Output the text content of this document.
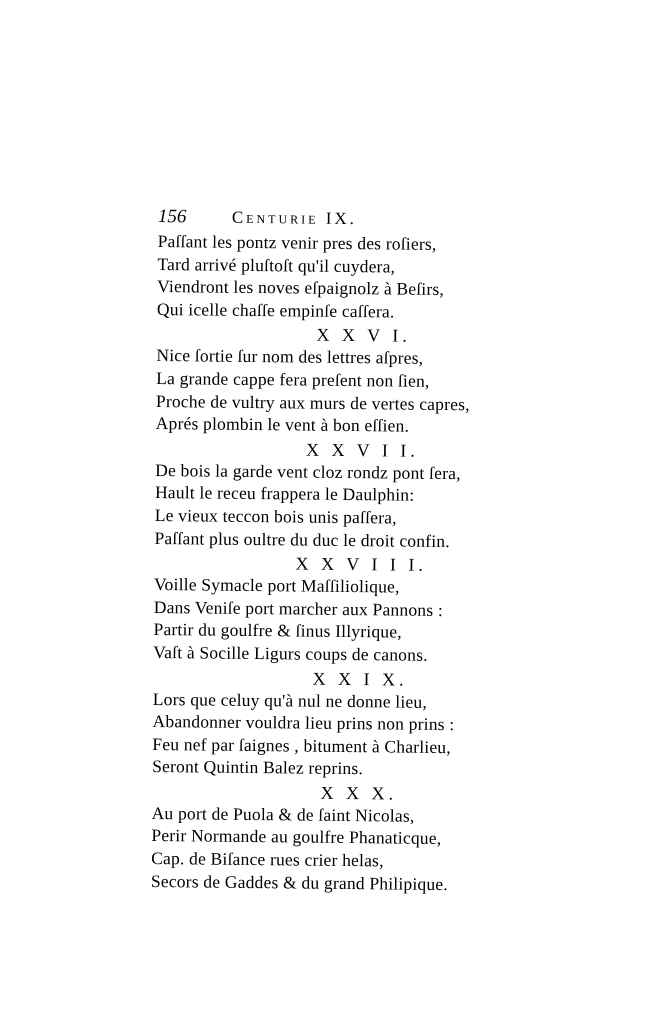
156	Centurie IX.
Paſſant les pontz venir pres des roſiers,
Tard arrivé pluſtoſt qu'il cuydera,
Viendront les noves eſpaignolz à Beſirs,
Qui icelle chaſſe empinſe caſſera.
X X V I.
Nice ſortie ſur nom des lettres aſpres,
La grande cappe fera preſent non ſien,
Proche de vultry aux murs de vertes capres,
Aprés plombin le vent à bon eſſien.
X X V I I.
De bois la garde vent cloz rondz pont ſera,
Hault le receu frappera le Daulphin:
Le vieux teccon bois unis paſſera,
Paſſant plus oultre du duc le droit confin.
X X V I I I.
Voille Symacle port Maſſiliolique,
Dans Veniſe port marcher aux Pannons :
Partir du goulfre & ſinus Illyrique,
Vaſt à Socille Ligurs coups de canons.
X X I X.
Lors que celuy qu'à nul ne donne lieu,
Abandonner vouldra lieu prins non prins :
Feu nef par ſaignes , bitument à Charlieu,
Seront Quintin Balez reprins.
X X X.
Au port de Puola & de ſaint Nicolas,
Perir Normande au goulfre Phanaticque,
Cap. de Biſance rues crier helas,
Secors de Gaddes & du grand Philipique.
